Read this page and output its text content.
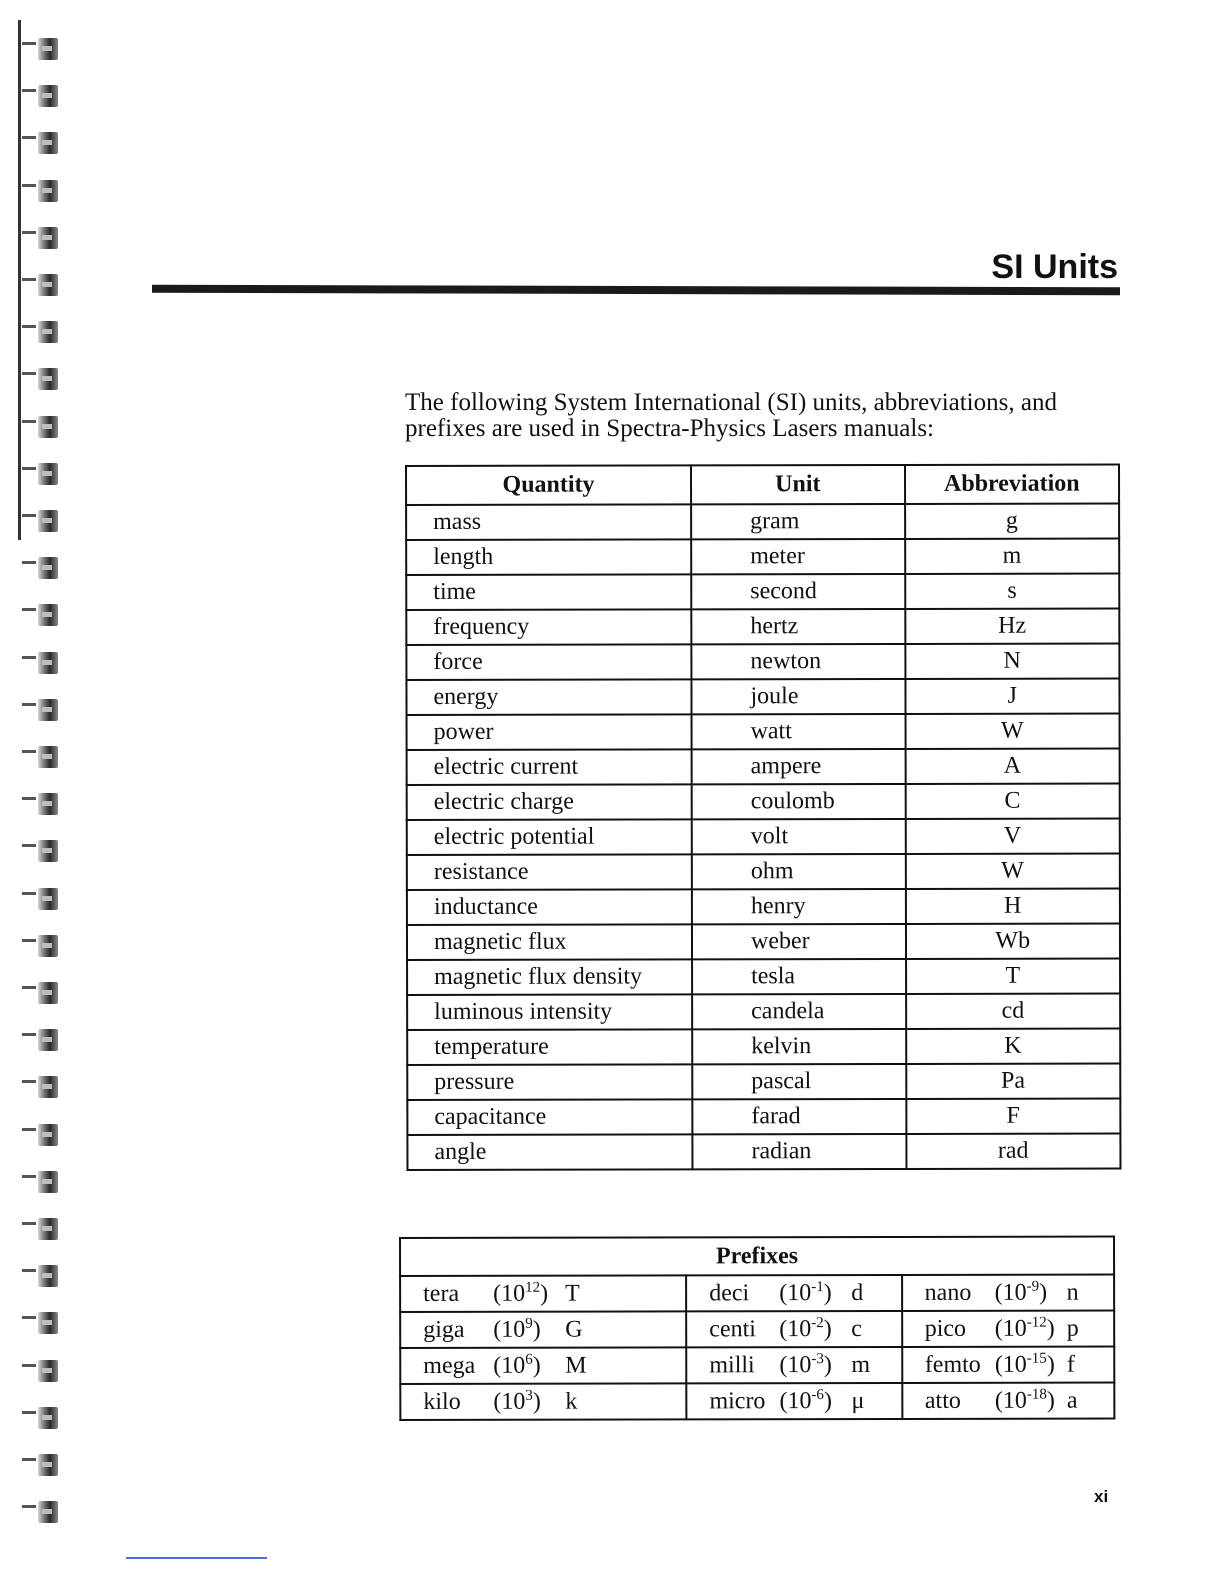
SI Units
The following System International (SI) units, abbreviations, and prefixes are used in Spectra-Physics Lasers manuals:
Quantity	Unit	Abbreviation
mass	gram	g
length	meter	m
time	second	s
frequency	hertz	Hz
force	newton	N
energy	joule	J
power	watt	W
electric current	ampere	A
electric charge	coulomb	C
electric potential	volt	V
resistance	ohm	W
inductance	henry	H
magnetic flux	weber	Wb
magnetic flux density	tesla	T
luminous intensity	candela	cd
temperature	kelvin	K
pressure	pascal	Pa
capacitance	farad	F
angle	radian	rad
Prefixes		
tera $(10^{12})$ T	deci $(10^{-1})$ d	nano $(10^{-9})$ n
giga $(10^9)$ G	centi $(10^{-2})$ c	pico $(10^{-12})$ p
mega $(10^6)$ M	milli $(10^{-3})$ m	femto $(10^{-15})$ f
kilo $(10^3)$ k	micro $(10^{-6})$ μ	atto $(10^{-18})$ a
xi
